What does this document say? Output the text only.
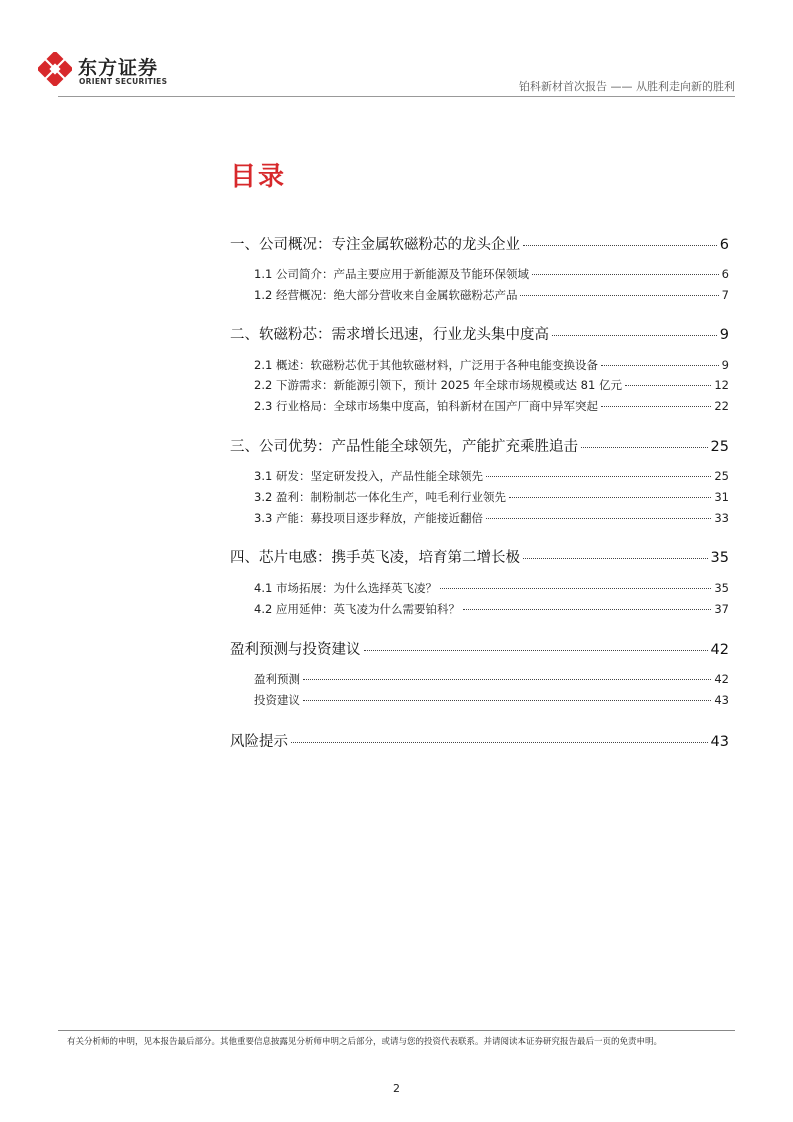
东方证券
ORIENT SECURITIES	铂科新材首次报告 —— 从胜利走向新的胜利
目录
一、公司概况：专注金属软磁粉芯的龙头企业	6
1.1 公司简介：产品主要应用于新能源及节能环保领域	6
1.2 经营概况：绝大部分营收来自金属软磁粉芯产品	7
二、软磁粉芯：需求增长迅速，行业龙头集中度高	9
2.1 概述：软磁粉芯优于其他软磁材料，广泛用于各种电能变换设备	9
2.2 下游需求：新能源引领下，预计 2025 年全球市场规模或达 81 亿元	12
2.3 行业格局：全球市场集中度高，铂科新材在国产厂商中异军突起	22
三、公司优势：产品性能全球领先，产能扩充乘胜追击	25
3.1 研发：坚定研发投入，产品性能全球领先	25
3.2 盈利：制粉制芯一体化生产，吨毛利行业领先	31
3.3 产能：募投项目逐步释放，产能接近翻倍	33
四、芯片电感：携手英飞凌，培育第二增长极	35
4.1 市场拓展：为什么选择英飞凌？	35
4.2 应用延伸：英飞凌为什么需要铂科？	37
盈利预测与投资建议	42
盈利预测	42
投资建议	43
风险提示	43
有关分析师的申明，见本报告最后部分。其他重要信息披露见分析师申明之后部分，或请与您的投资代表联系。并请阅读本证券研究报告最后一页的免责申明。
2
